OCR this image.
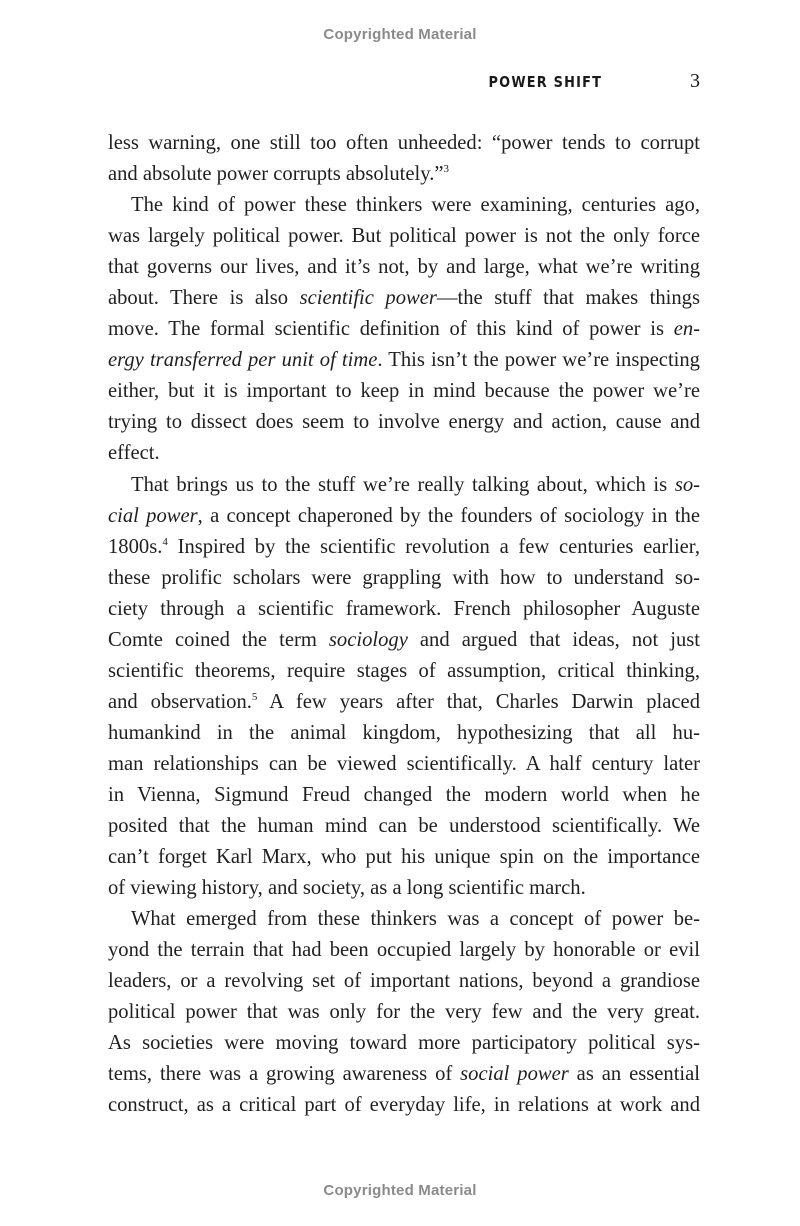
Copyrighted Material
POWER SHIFT	3
less warning, one still too often unheeded: “power tends to corrupt
and absolute power corrupts absolutely.”$^3$
The kind of power these thinkers were examining, centuries ago,
was largely political power. But political power is not the only force
that governs our lives, and it’s not, by and large, what we’re writing
about. There is also scientific power—the stuff that makes things
move. The formal scientific definition of this kind of power is en-
ergy transferred per unit of time. This isn’t the power we’re inspecting
either, but it is important to keep in mind because the power we’re
trying to dissect does seem to involve energy and action, cause and
effect.
That brings us to the stuff we’re really talking about, which is so-
cial power, a concept chaperoned by the founders of sociology in the
1800s.$^4$ Inspired by the scientific revolution a few centuries earlier,
these prolific scholars were grappling with how to understand so-
ciety through a scientific framework. French philosopher Auguste
Comte coined the term sociology and argued that ideas, not just
scientific theorems, require stages of assumption, critical thinking,
and observation.$^5$ A few years after that, Charles Darwin placed
humankind in the animal kingdom, hypothesizing that all hu-
man relationships can be viewed scientifically. A half century later
in Vienna, Sigmund Freud changed the modern world when he
posited that the human mind can be understood scientifically. We
can’t forget Karl Marx, who put his unique spin on the importance
of viewing history, and society, as a long scientific march.
What emerged from these thinkers was a concept of power be-
yond the terrain that had been occupied largely by honorable or evil
leaders, or a revolving set of important nations, beyond a grandiose
political power that was only for the very few and the very great.
As societies were moving toward more participatory political sys-
tems, there was a growing awareness of social power as an essential
construct, as a critical part of everyday life, in relations at work and
Copyrighted Material
